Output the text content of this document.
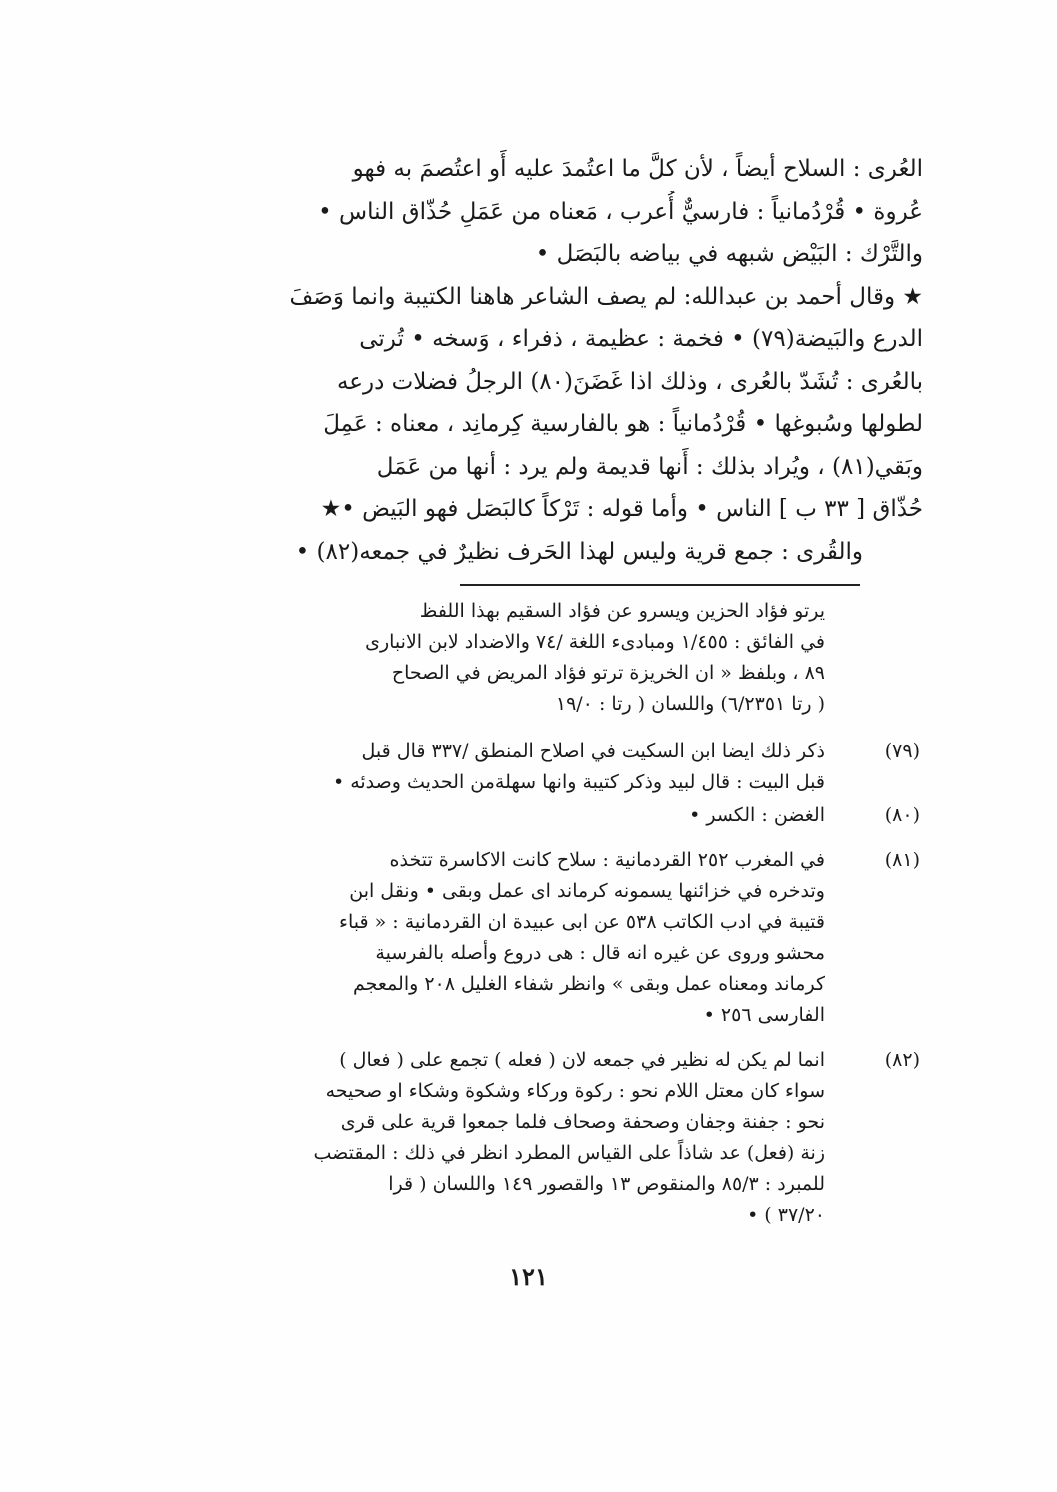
العُرى : السلاح أيضاً ، لأن كلَّ ما اعتُمدَ عليه أَو اعتُصمَ به فهو
عُروة • قُرْدُمانياً : فارسيٌّ أُعرب ، مَعناه من عَمَلِ حُذّاق الناس •
والتَّرْك : البَيْض شبهه في بياضه بالبَصَل •
★ وقال أحمد بن عبدالله: لم يصف الشاعر هاهنا الكتيبة وانما وَصَفَ
الدرع والبَيضة(٧٩) • فخمة : عظيمة ، ذفراء ، وَسخه • تُرتى
بالعُرى : تُشَدّ بالعُرى ، وذلك اذا غَضَنَ(٨٠) الرجلُ فضلات درعه
لطولها وسُبوغها • قُرْدُمانياً : هو بالفارسية كِرمانِد ، معناه : عَمِلَ
وبَقي(٨١) ، ويُراد بذلك : أَنها قديمة ولم يرد : أنها من عَمَل
حُذّاق [ ٣٣ ب ] الناس • وأما قوله : تَرْكاً كالبَصَل فهو البَيض •★
والقُرى : جمع قرية وليس لهذا الحَرف نظيرٌ في جمعه(٨٢) •
يرتو فؤاد الحزين ويسرو عن فؤاد السقيم بهذا اللفظ
في الفائق : ١/٤٥٥ ومبادىء اللغة /٧٤ والاضداد لابن الانبارى
٨٩ ، وبلفظ « ان الخريزة ترتو فؤاد المريض في الصحاح
( رتا ٦/٢٣٥١) واللسان ( رتا : ١٩/٠
(٧٩)
ذكر ذلك ايضا ابن السكيت في اصلاح المنطق /٣٣٧ قال قبل
قبل البيت : قال لبيد وذكر كتيبة وانها سهلةمن الحديث وصدئه •
(٨٠)
الغضن : الكسر •
(٨١)
في المغرب ٢٥٢ القردمانية : سلاح كانت الاكاسرة تتخذه
وتدخره في خزائنها يسمونه كرماند اى عمل وبقى • ونقل ابن
قتيبة في ادب الكاتب ٥٣٨ عن ابى عبيدة ان القردمانية : « قباء
محشو وروى عن غيره انه قال : هى دروع وأصله بالفرسية
كرماند ومعناه عمل وبقى » وانظر شفاء الغليل ٢٠٨ والمعجم
الفارسى ٢٥٦ •
(٨٢)
انما لم يكن له نظير في جمعه لان ( فعله ) تجمع على ( فعال )
سواء كان معتل اللام نحو : ركوة وركاء وشكوة وشكاء او صحيحه
نحو : جفنة وجفان وصحفة وصحاف فلما جمعوا قرية على قرى
زنة (فعل) عد شاذاً على القياس المطرد انظر في ذلك : المقتضب
للمبرد : ٨٥/٣ والمنقوص ١٣ والقصور ١٤٩ واللسان ( قرا
٣٧/٢٠ ) •
١٢١
